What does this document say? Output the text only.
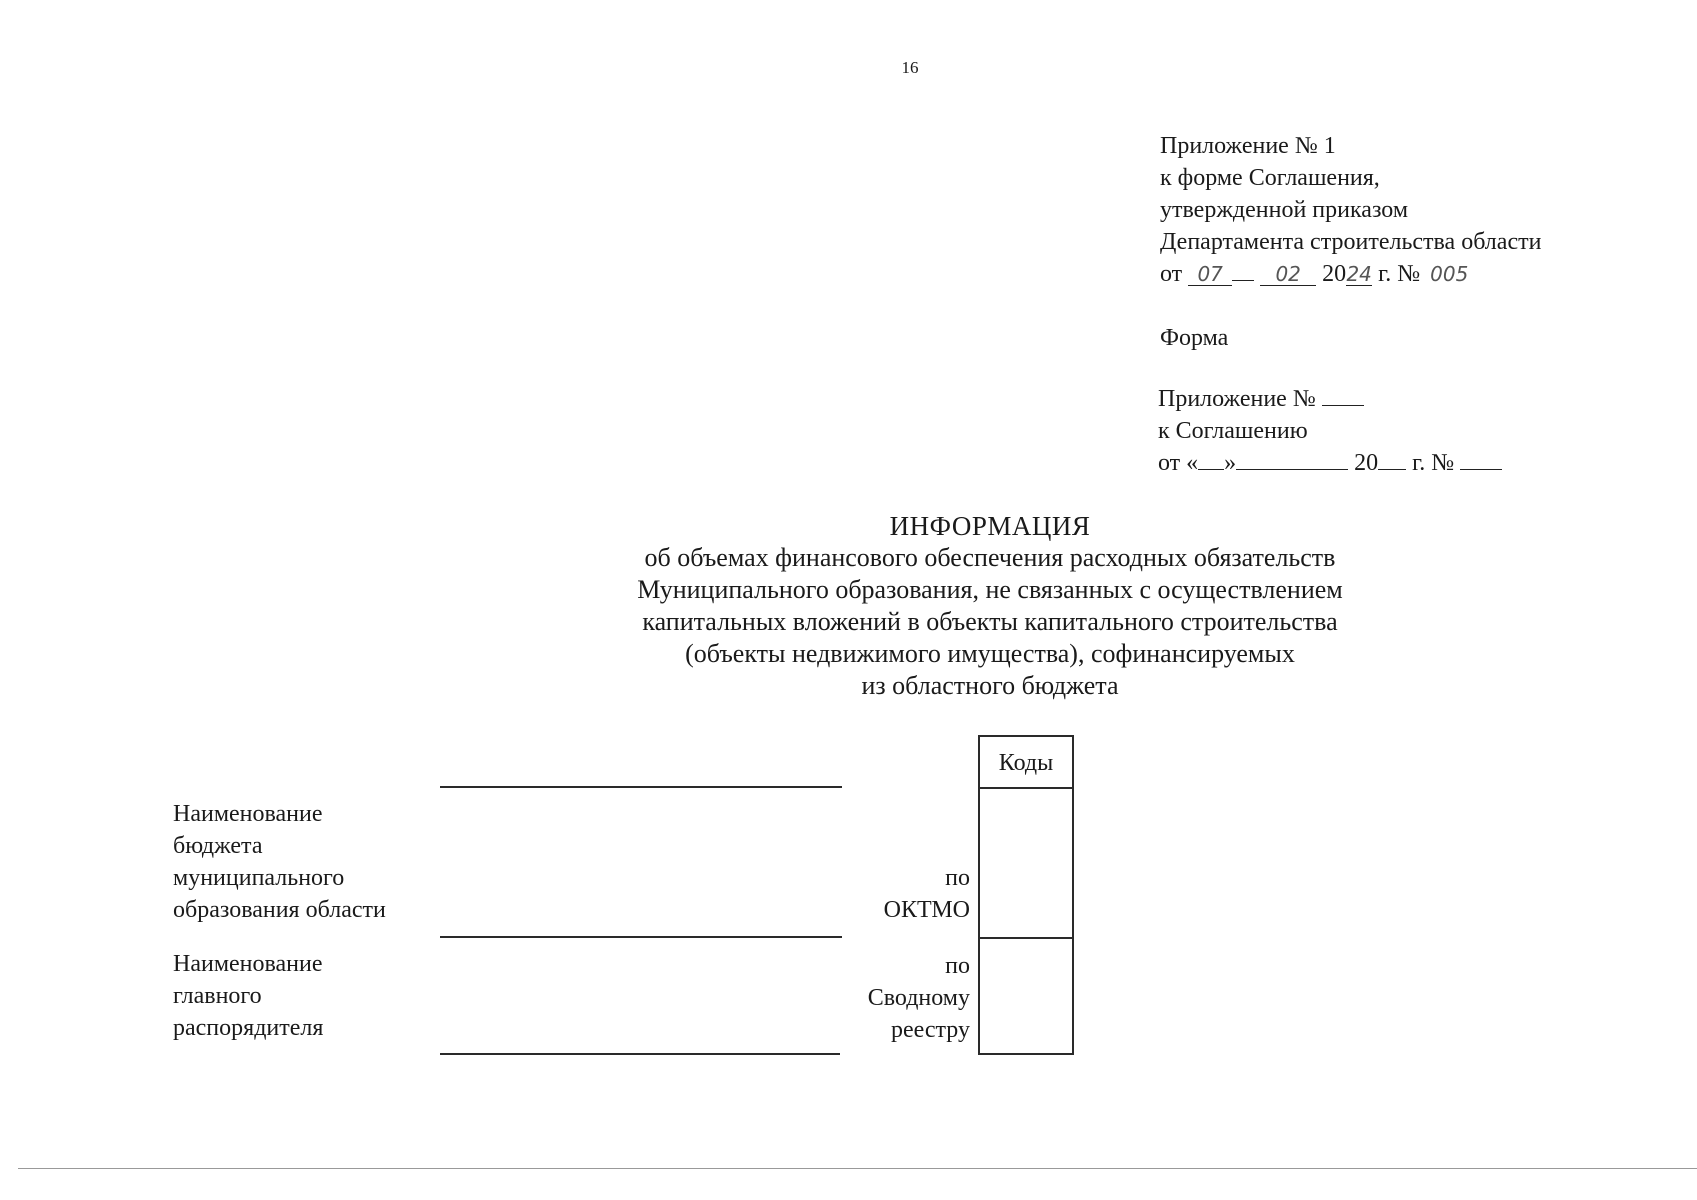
16
Приложение № 1
к форме Соглашения,
утвержденной приказом
Департамента строительства области
от 07	02 2024 г. № 005
Форма
Приложение №
к Соглашению
от « »	20 г. №
ИНФОРМАЦИЯ
об объемах финансового обеспечения расходных обязательств
Муниципального образования, не связанных с осуществлением
капитальных вложений в объекты капитального строительства
(объекты недвижимого имущества), софинансируемых
из областного бюджета
Наименование
бюджета
муниципального
образования области
по
ОКТМО
Наименование
главного
распорядителя
по
Сводному
реестру
Коды
